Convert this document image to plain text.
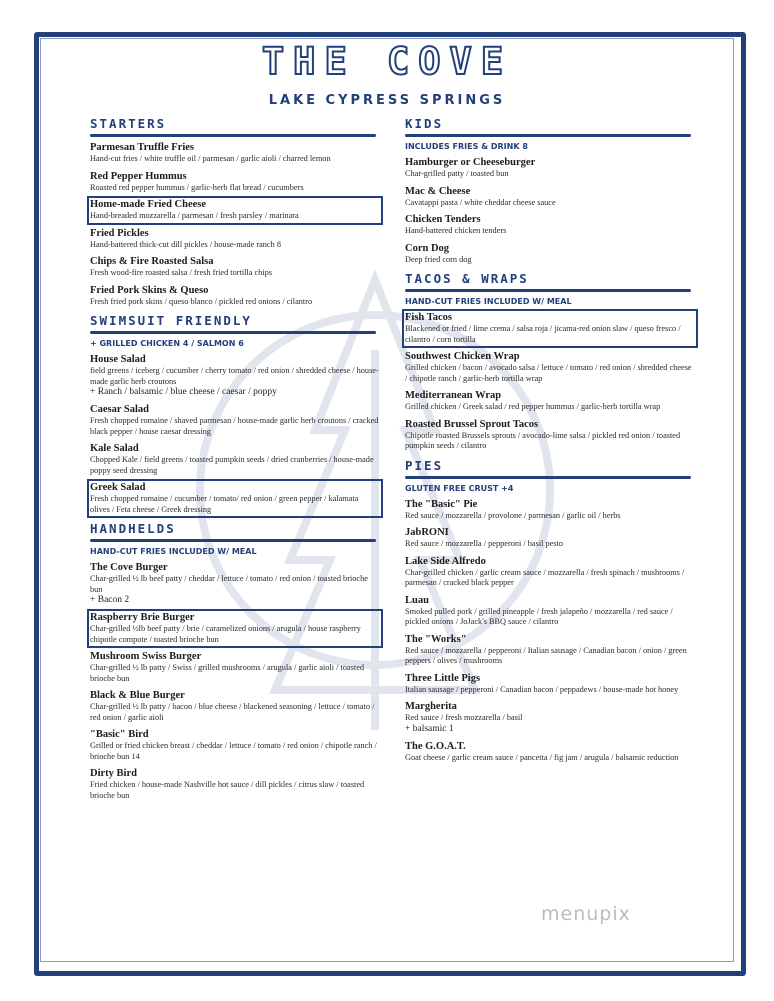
THE COVE
LAKE CYPRESS SPRINGS
STARTERS
Parmesan Truffle Fries
Hand-cut fries / white truffle oil / parmesan / garlic aioli / charred lemon
Red Pepper Hummus
Roasted red pepper hummus / garlic-herb flat bread / cucumbers
Home-made Fried Cheese
Hand-breaded mozzarella / parmesan / fresh parsley / marinara
Fried Pickles
Hand-battered thick-cut dill pickles / house-made ranch 8
Chips & Fire Roasted Salsa
Fresh wood-fire roasted salsa / fresh fried tortilla chips
Fried Pork Skins & Queso
Fresh fried pork skins / queso blanco / pickled red onions / cilantro
SWIMSUIT FRIENDLY
+ GRILLED CHICKEN 4 / SALMON 6
House Salad
field greens / iceberg / cucumber / cherry tomato / red onion / shredded cheese / house-made garlic herb croutons
+ Ranch / balsamic / blue cheese / caesar / poppy
Caesar Salad
Fresh chopped romaine / shaved parmesan / house-made garlic herb croutons / cracked black pepper / house caesar dressing
Kale Salad
Chopped Kale / field greens / toasted pumpkin seeds / dried cranberries / house-made poppy seed dressing
Greek Salad
Fresh chopped romaine / cucumber / tomato/ red onion / green pepper / kalamata olives / Feta cheese / Greek dressing
HANDHELDS
HAND-CUT FRIES INCLUDED W/ MEAL
The Cove Burger
Char-grilled ½ lb beef patty / cheddar / lettuce / tomato / red onion / toasted brioche bun
+ Bacon 2
Raspberry Brie Burger
Char-grilled ½lb beef patty / brie / caramelized onions / arugula / house raspberry chipotle compote / toasted brioche bun
Mushroom Swiss Burger
Char-grilled ½ lb patty / Swiss / grilled mushrooms / arugula / garlic aioli / toasted brioche bun
Black & Blue Burger
Char-grilled ½ lb patty / bacon / blue cheese / blackened seasoning / lettuce / tomato / red onion / garlic aioli
"Basic" Bird
Grilled or fried chicken breast / cheddar / lettuce / tomato / red onion / chipotle ranch / brioche bun 14
Dirty Bird
Fried chicken / house-made Nashville hot sauce / dill pickles / citrus slaw / toasted brioche bun
KIDS
INCLUDES FRIES & DRINK 8
Hamburger or Cheeseburger
Char-grilled patty / toasted bun
Mac & Cheese
Cavatappi pasta / white cheddar cheese sauce
Chicken Tenders
Hand-battered chicken tenders
Corn Dog
Deep fried corn dog
TACOS & WRAPS
HAND-CUT FRIES INCLUDED W/ MEAL
Fish Tacos
Blackened or fried / lime crema / salsa roja / jicama-red onion slaw / queso fresco / cilantro / corn tortilla
Southwest Chicken Wrap
Grilled chicken / bacon / avocado salsa / lettuce / tomato / red onion / shredded cheese / chipotle ranch / garlic-herb tortilla wrap
Mediterranean Wrap
Grilled chicken / Greek salad / red pepper hummus / garlic-herb tortilla wrap
Roasted Brussel Sprout Tacos
Chipotle roasted Brussels sprouts / avocado-lime salsa / pickled red onion / toasted pumpkin seeds / cilantro
PIES
GLUTEN FREE CRUST +4
The "Basic" Pie
Red sauce / mozzarella / provolone / parmesan / garlic oil / herbs
JabRONI
Red sauce / mozzarella / pepperoni / basil pesto
Lake Side Alfredo
Char-grilled chicken / garlic cream sauce / mozzarella / fresh spinach / mushrooms / parmesan / cracked black pepper
Luau
Smoked pulled pork / grilled pineapple / fresh jalapeño / mozzarella / red sauce / pickled onions / JoJack's BBQ sauce / cilantro
The "Works"
Red sauce / mozzarella / pepperoni / Italian sausage / Canadian bacon / onion / green peppers / olives / mushrooms
Three Little Pigs
Italian sausage / pepperoni / Canadian bacon / peppadews / house-made hot honey
Margherita
Red sauce / fresh mozzarella / basil
+ balsamic 1
The G.O.A.T.
Goat cheese / garlic cream sauce / pancetta / fig jam / arugula / balsamic reduction
menupix
